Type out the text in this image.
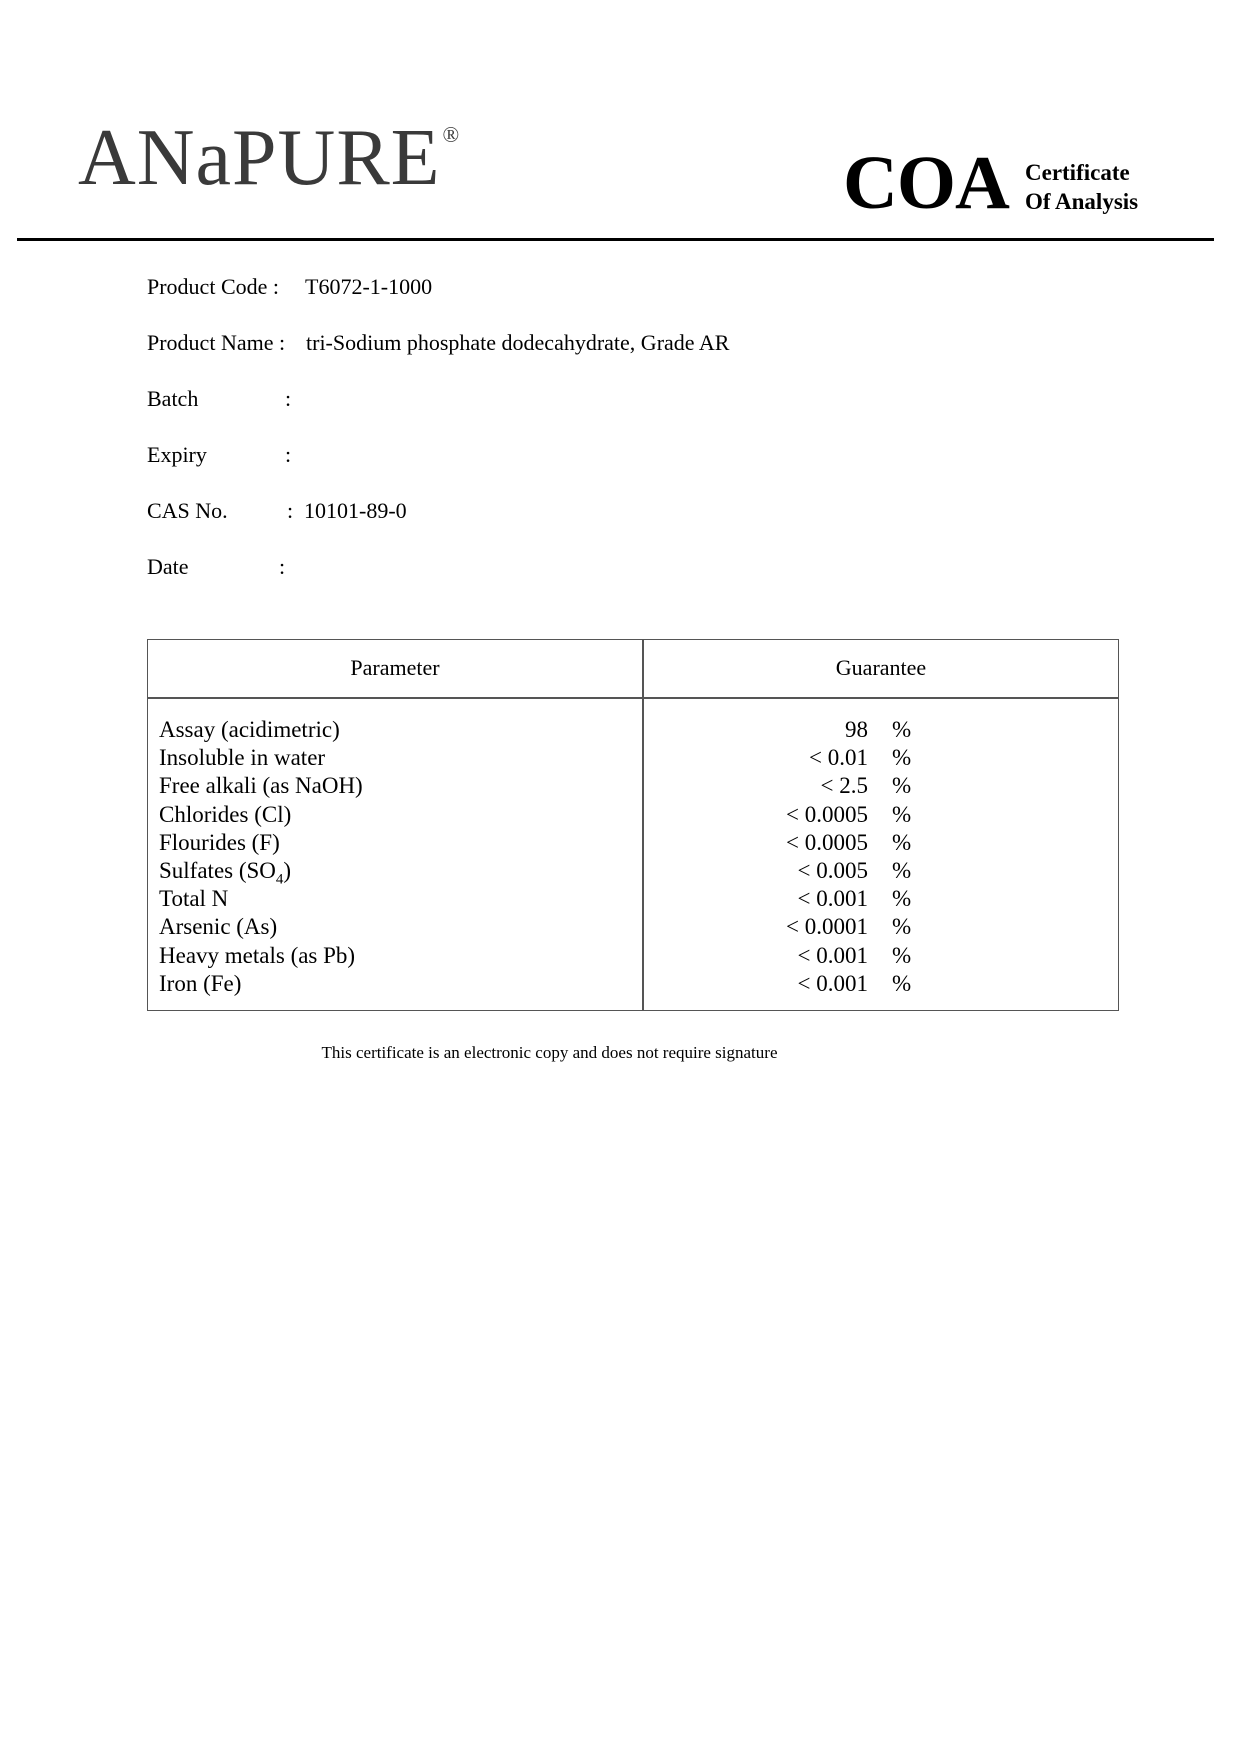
ANaPURE®
COA Certificate
Of Analysis
Product Code : T6072-1-1000
Product Name : tri-Sodium phosphate dodecahydrate, Grade AR
Batch	:
Expiry	:
CAS No.	: 10101-89-0
Date	:
Parameter	Guarantee
Assay (acidimetric)	98 %
Insoluble in water	< 0.01 %
Free alkali (as NaOH)	< 2.5 %
Chlorides (Cl)	< 0.0005 %
Flourides (F)	< 0.0005 %
Sulfates $(SO_4)$	< 0.005 %
Total N	< 0.001 %
Arsenic (As)	< 0.0001 %
Heavy metals (as Pb)	< 0.001 %
Iron (Fe)	< 0.001 %
This certificate is an electronic copy and does not require signature
